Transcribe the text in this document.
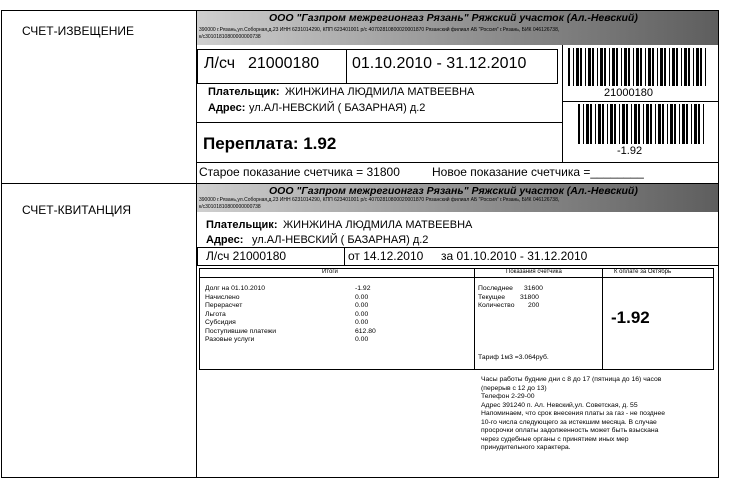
СЧЕТ-ИЗВЕЩЕНИЕ
СЧЕТ-КВИТАНЦИЯ
ООО "Газпром межрегионгаз Рязань" Ряжский участок (Ал.-Невский)
390000 г.Рязань,ул.Соборная,д.23 ИНН 6231014290, КПП 623401001 р/с 40702810800020001870 Рязанский филиал АБ "Россия" г.Рязань, БИК 046126738,
к/с30101810800000000738
Л/сч 21000180 01.10.2010 - 31.12.2010
21000180
-1.92
Плательщик: ЖИНЖИНА ЛЮДМИЛА МАТВЕЕВНА
Адрес: ул.АЛ-НЕВСКИЙ ( БАЗАРНАЯ) д.2
Переплата: 1.92
Старое показание счетчика = 31800	Новое показание счетчика =________
ООО "Газпром межрегионгаз Рязань" Ряжский участок (Ал.-Невский)
390000 г.Рязань,ул.Соборная,д.23 ИНН 6231014290, КПП 623401001 р/с 40702810800020001870 Рязанский филиал АБ "Россия" г.Рязань, БИК 046126738,
к/с30101810800000000738
Плательщик: ЖИНЖИНА ЛЮДМИЛА МАТВЕЕВНА
Адрес: ул.АЛ-НЕВСКИЙ ( БАЗАРНАЯ) д.2
Л/сч 21000180	от 14.12.2010 за 01.10.2010 - 31.12.2010
Итоги	Показания счетчика	К оплате за Октябрь
Долг на 01.10.2010	-1.92
Начислено	0.00
Перерасчет	0.00
Льгота	0.00
Субсидия	0.00
Поступившие платежи	612.80
Разовые услуги	0.00
Последнее	31600
Текущее	31800
Количество	200
Тариф 1м3 =3.064руб.
-1.92
Часы работы будние дни с 8 до 17 (пятница до 16) часов
(перерыв с 12 до 13)
Телефон 2-29-00
Адрес 391240 п. Ал. Невский,ул. Советская, д. 55
Напоминаем, что срок внесения платы за газ - не позднее
10-го числа следующего за истекшим месяца. В случае
просрочки оплаты задолженность может быть взыскана
через судебные органы с принятием иных мер
принудительного характера.
